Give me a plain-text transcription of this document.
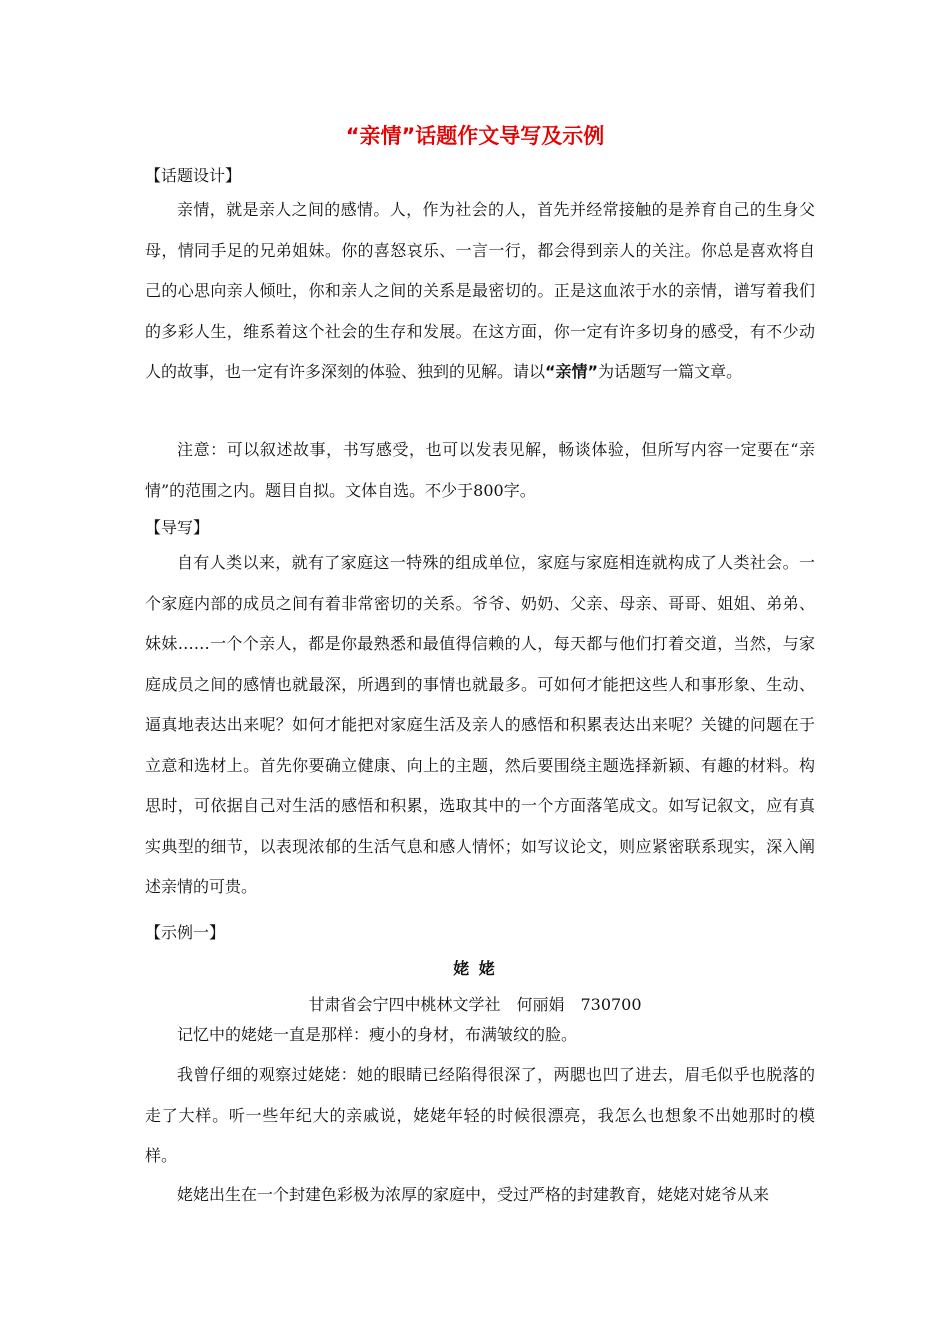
“亲情”话题作文导写及示例
【话题设计】

亲情，就是亲人之间的感情。人，作为社会的人，首先并经常接触的是养育自己的生身父母，情同手足的兄弟姐妹。你的喜怒哀乐、一言一行，都会得到亲人的关注。你总是喜欢将自己的心思向亲人倾吐，你和亲人之间的关系是最密切的。正是这血浓于水的亲情，谱写着我们的多彩人生，维系着这个社会的生存和发展。在这方面，你一定有许多切身的感受，有不少动人的故事，也一定有许多深刻的体验、独到的见解。请以“亲情”为话题写一篇文章。

注意：可以叙述故事，书写感受，也可以发表见解，畅谈体验，但所写内容一定要在“亲情”的范围之内。题目自拟。文体自选。不少于800字。

【导写】

自有人类以来，就有了家庭这一特殊的组成单位，家庭与家庭相连就构成了人类社会。一个家庭内部的成员之间有着非常密切的关系。爷爷、奶奶、父亲、母亲、哥哥、姐姐、弟弟、妹妹……一个个亲人，都是你最熟悉和最值得信赖的人，每天都与他们打着交道，当然，与家庭成员之间的感情也就最深，所遇到的事情也就最多。可如何才能把这些人和事形象、生动、逼真地表达出来呢？如何才能把对家庭生活及亲人的感悟和积累表达出来呢？关键的问题在于立意和选材上。首先你要确立健康、向上的主题，然后要围绕主题选择新颖、有趣的材料。构思时，可依据自己对生活的感悟和积累，选取其中的一个方面落笔成文。如写记叙文，应有真实典型的细节，以表现浓郁的生活气息和感人情怀；如写议论文，则应紧密联系现实，深入阐述亲情的可贵。

【示例一】
姥 姥
甘肃省会宁四中桃林文学社　何丽娟　730700

记忆中的姥姥一直是那样：瘦小的身材，布满皱纹的脸。

我曾仔细的观察过姥姥：她的眼睛已经陷得很深了，两腮也凹了进去，眉毛似乎也脱落的走了大样。听一些年纪大的亲戚说，姥姥年轻的时候很漂亮，我怎么也想象不出她那时的模样。

姥姥出生在一个封建色彩极为浓厚的家庭中，受过严格的封建教育，姥姥对姥爷从来
